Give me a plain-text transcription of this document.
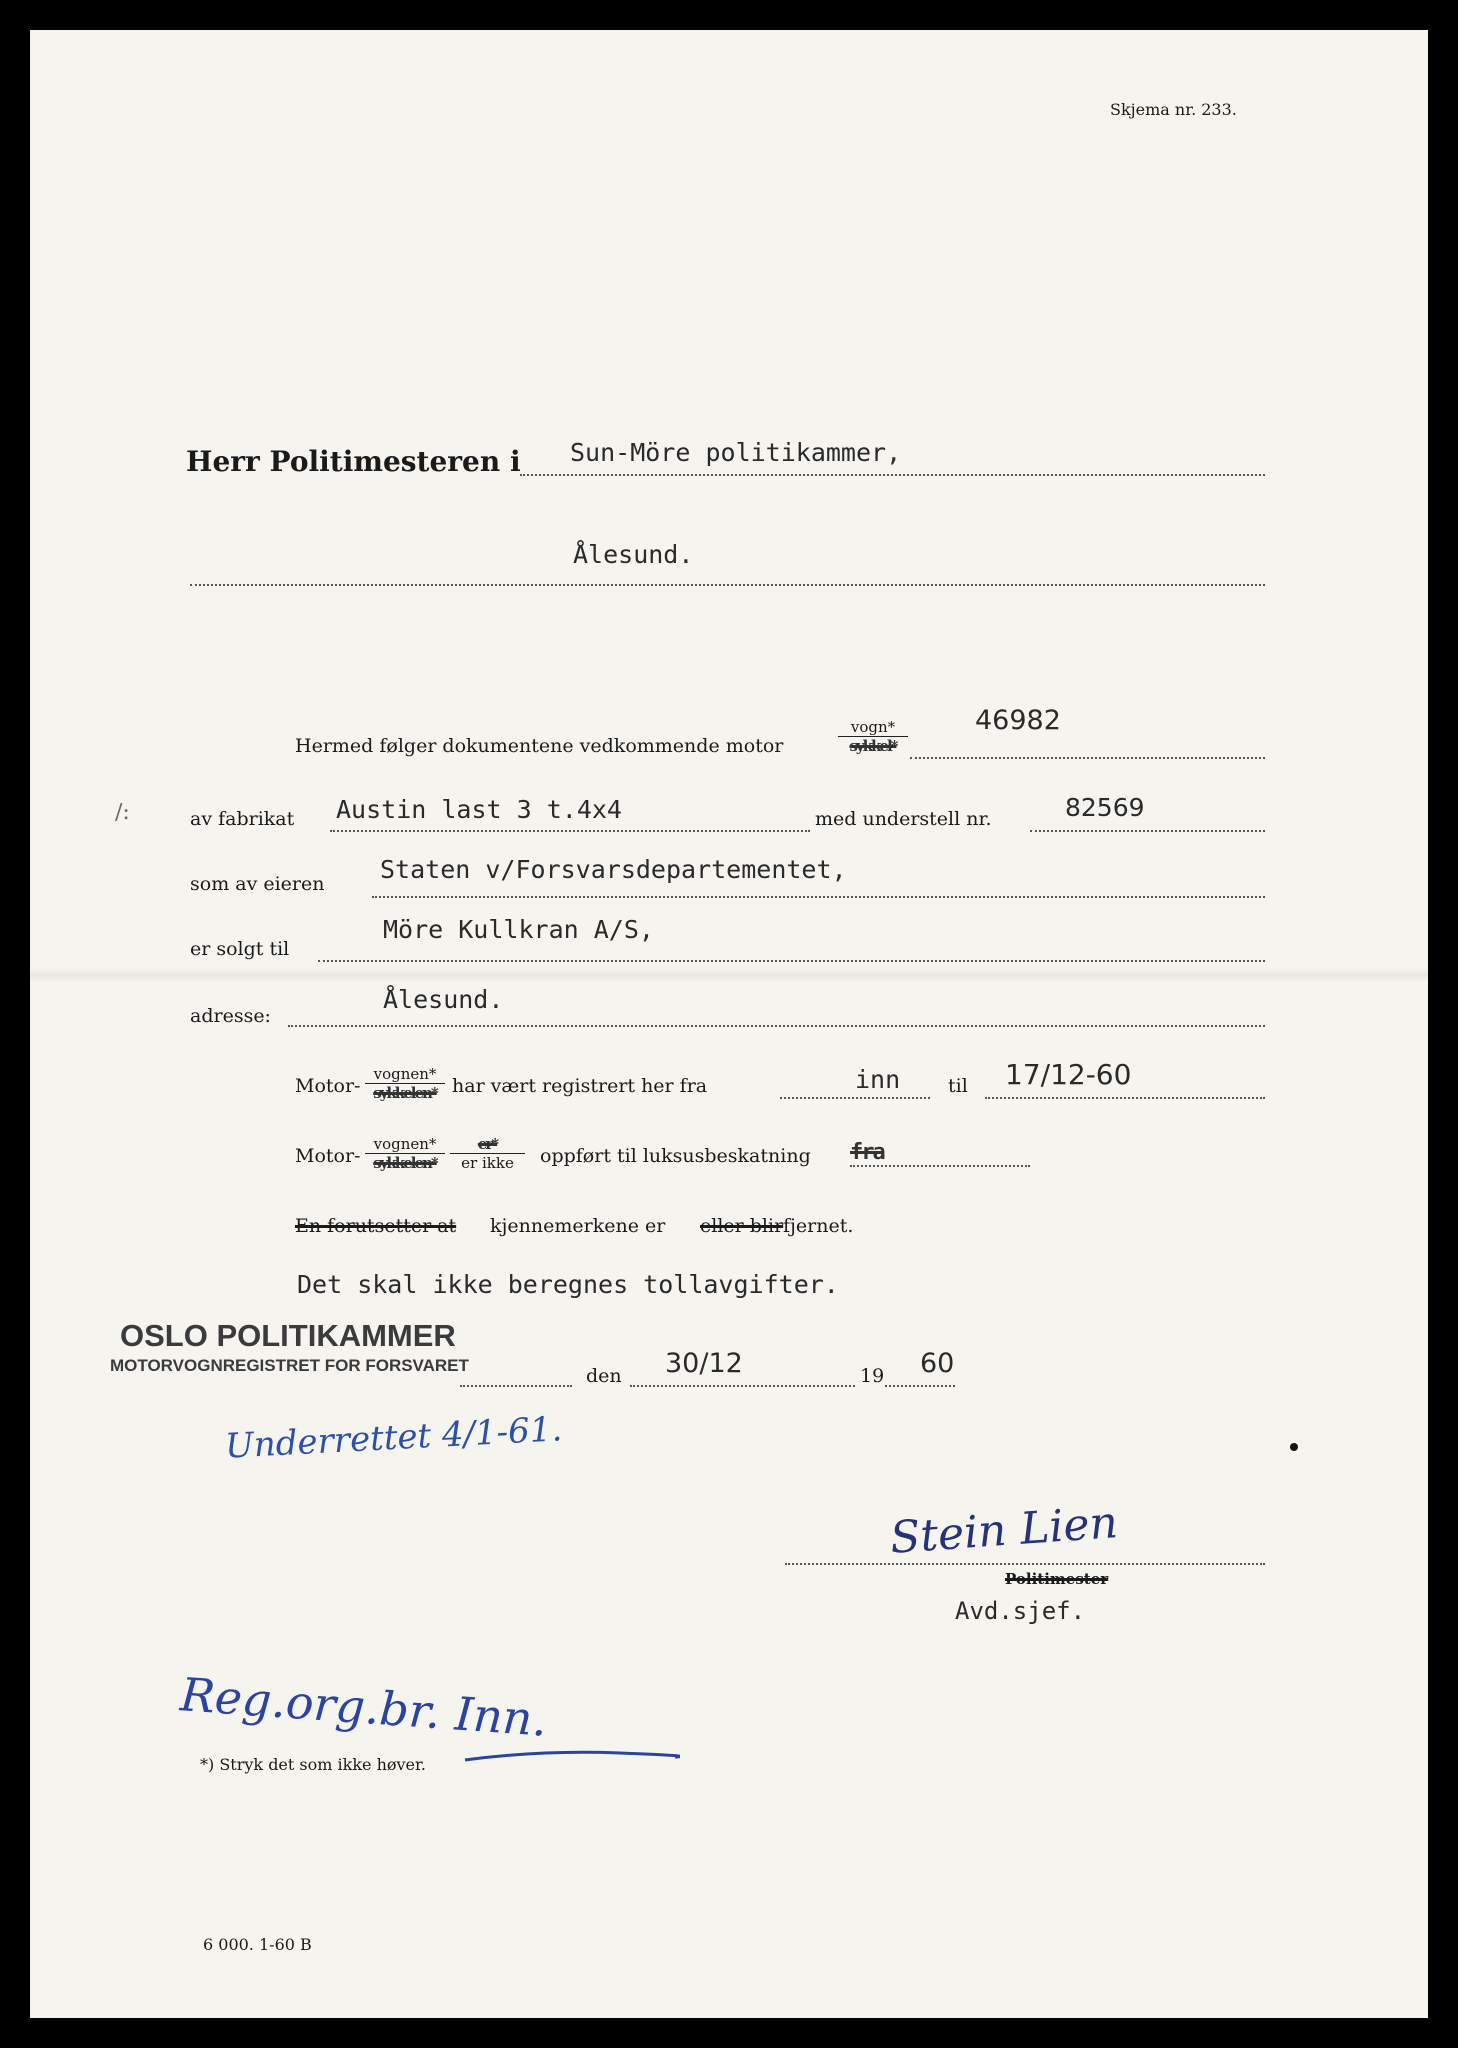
Skjema nr. 233.
Herr Politimesteren i Sun-Möre politikammer,
Ålesund.
Hermed følger dokumentene vedkommende motor
vogn*
sykkel*
46982
∕:	av fabrikat Austin last 3 t.4x4	med understell nr.	82569
som av eieren Staten v/Forsvarsdepartementet,
er solgt til
Möre Kullkran A/S,
adresse:
Ålesund.
Motor-
vognen*
sykkelen* har vært registrert her fra	inn	til 17/12-60
Motor-
vognen*
sykkelen*
er*
er ikke	oppført til luksusbeskatning fra
En forutsetter at kjennemerkene er eller blir fjernet.
Det skal ikke beregnes tollavgifter.
OSLO POLITIKAMMER
MOTORVOGNREGISTRET FOR FORSVARET	den 30/12	19 60
Underrettet 4/1-61.
Stein Lien
Politimester
Avd.sjef.
Reg.org.br. Inn.
*) Stryk det som ikke høver.
6 000. 1-60 B
